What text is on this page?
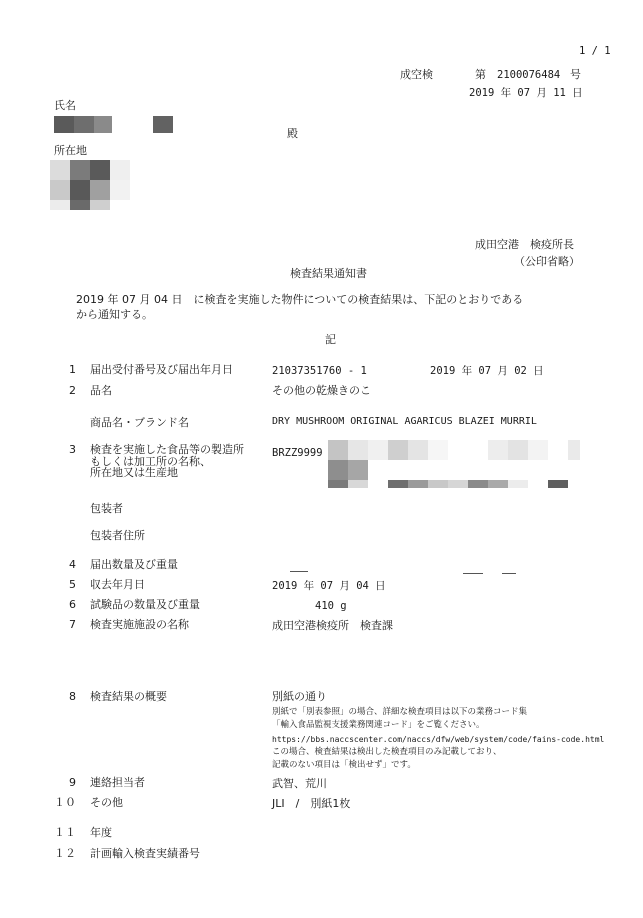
1 / 1
成空検	第 2100076484 号
2019 年 07 月 11 日
氏名
殿
所在地
成田空港　検疫所長
（公印省略）
検査結果通知書
2019 年 07 月 04 日　に検査を実施した物件についての検査結果は、下記のとおりである
から通知する。
記
1 届出受付番号及び届出年月日	21037351760 - 1	2019 年 07 月 02 日
2 品名	その他の乾燥きのこ
商品名・ブランド名	DRY MUSHROOM ORIGINAL AGARICUS BLAZEI MURRIL
3 検査を実施した食品等の製造所
もしくは加工所の名称、
所在地又は生産地
BRZZ9999
包装者
包装者住所
4 届出数量及び重量
5 収去年月日	2019 年 07 月 04 日
6 試験品の数量及び重量	410 g
7 検査実施施設の名称	成田空港検疫所　検査課
8 検査結果の概要	別紙の通り
別紙で「別表参照」の場合、詳細な検査項目は以下の業務コード集
「輸入食品監視支援業務関連コード」をご覧ください。
https://bbs.naccscenter.com/naccs/dfw/web/system/code/fains-code.html
この場合、検査結果は検出した検査項目のみ記載しており、
記載のない項目は「検出せず」です。
9 連絡担当者	武智、荒川
１０ その他	JLI　/　別紙1枚
１１ 年度
１２ 計画輸入検査実績番号
